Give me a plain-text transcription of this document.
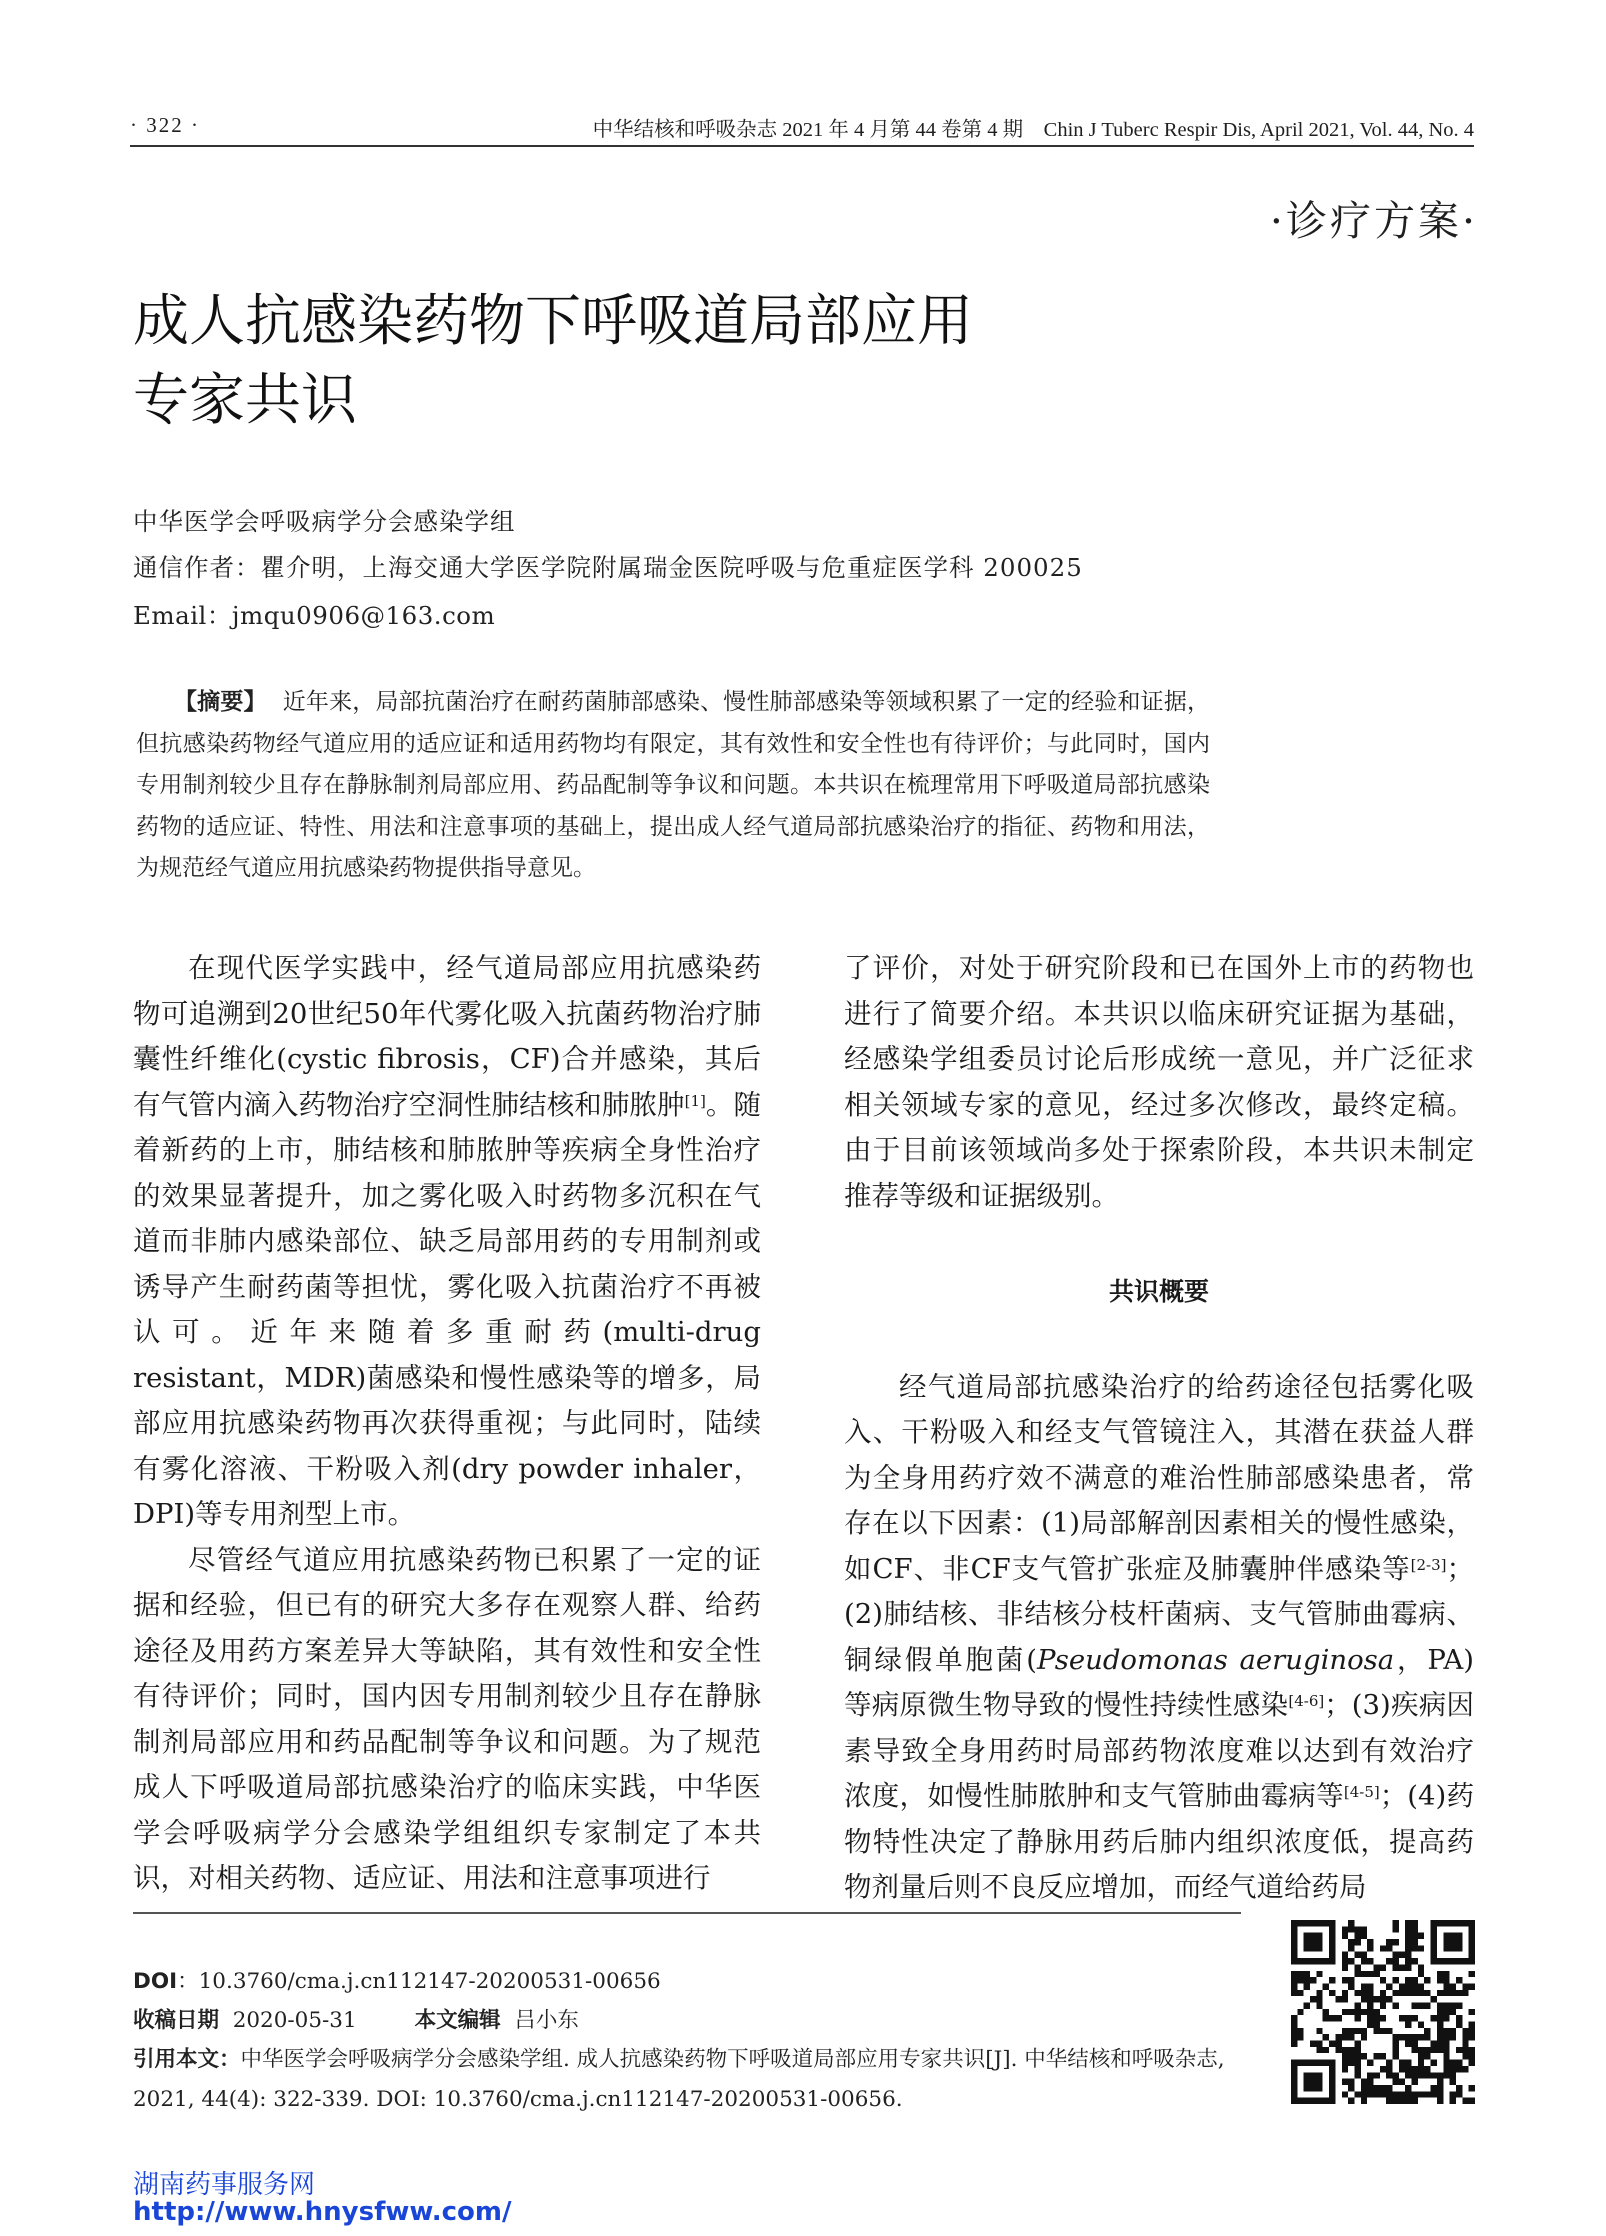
· 322 ·	中华结核和呼吸杂志 2021 年 4 月第 44 卷第 4 期　Chin J Tuberc Respir Dis, April 2021, Vol. 44, No. 4
·诊疗方案·
成人抗感染药物下呼吸道局部应用
专家共识
中华医学会呼吸病学分会感染学组
通信作者：瞿介明，上海交通大学医学院附属瑞金医院呼吸与危重症医学科 200025
Email：jmqu0906@163.com
【摘要】 近年来，局部抗菌治疗在耐药菌肺部感染、慢性肺部感染等领域积累了一定的经验和证据，但抗感染药物经气道应用的适应证和适用药物均有限定，其有效性和安全性也有待评价；与此同时，国内专用制剂较少且存在静脉制剂局部应用、药品配制等争议和问题。本共识在梳理常用下呼吸道局部抗感染药物的适应证、特性、用法和注意事项的基础上，提出成人经气道局部抗感染治疗的指征、药物和用法，为规范经气道应用抗感染药物提供指导意见。

在现代医学实践中，经气道局部应用抗感染药物可追溯到20世纪50年代雾化吸入抗菌药物治疗肺囊性纤维化(cystic fibrosis，CF)合并感染，其后有气管内滴入药物治疗空洞性肺结核和肺脓肿[1]。随着新药的上市，肺结核和肺脓肿等疾病全身性治疗的效果显著提升，加之雾化吸入时药物多沉积在气道而非肺内感染部位、缺乏局部用药的专用制剂或诱导产生耐药菌等担忧，雾化吸入抗菌治疗不再被认可。近年来随着多重耐药(multi-drug resistant，MDR)菌感染和慢性感染等的增多，局部应用抗感染药物再次获得重视；与此同时，陆续有雾化溶液、干粉吸入剂(dry powder inhaler，DPI)等专用剂型上市。

尽管经气道应用抗感染药物已积累了一定的证据和经验，但已有的研究大多存在观察人群、给药途径及用药方案差异大等缺陷，其有效性和安全性有待评价；同时，国内因专用制剂较少且存在静脉制剂局部应用和药品配制等争议和问题。为了规范成人下呼吸道局部抗感染治疗的临床实践，中华医学会呼吸病学分会感染学组组织专家制定了本共识，对相关药物、适应证、用法和注意事项进行

了评价，对处于研究阶段和已在国外上市的药物也进行了简要介绍。本共识以临床研究证据为基础，经感染学组委员讨论后形成统一意见，并广泛征求相关领域专家的意见，经过多次修改，最终定稿。由于目前该领域尚多处于探索阶段，本共识未制定推荐等级和证据级别。

共识概要

经气道局部抗感染治疗的给药途径包括雾化吸入、干粉吸入和经支气管镜注入，其潜在获益人群为全身用药疗效不满意的难治性肺部感染患者，常存在以下因素：(1)局部解剖因素相关的慢性感染，如CF、非CF支气管扩张症及肺囊肿伴感染等[2-3]；(2)肺结核、非结核分枝杆菌病、支气管肺曲霉病、铜绿假单胞菌(Pseudomonas aeruginosa，PA)等病原微生物导致的慢性持续性感染[4-6]；(3)疾病因素导致全身用药时局部药物浓度难以达到有效治疗浓度，如慢性肺脓肿和支气管肺曲霉病等[4-5]；(4)药物特性决定了静脉用药后肺内组织浓度低，提高药物剂量后则不良反应增加，而经气道给药局

DOI：10.3760/cma.j.cn112147-20200531-00656
收稿日期 2020-05-31	本文编辑 吕小东
引用本文：中华医学会呼吸病学分会感染学组. 成人抗感染药物下呼吸道局部应用专家共识[J]. 中华结核和呼吸杂志, 2021, 44(4): 322-339. DOI: 10.3760/cma.j.cn112147-20200531-00656.
湖南药事服务网
http://www.hnysfww.com/
